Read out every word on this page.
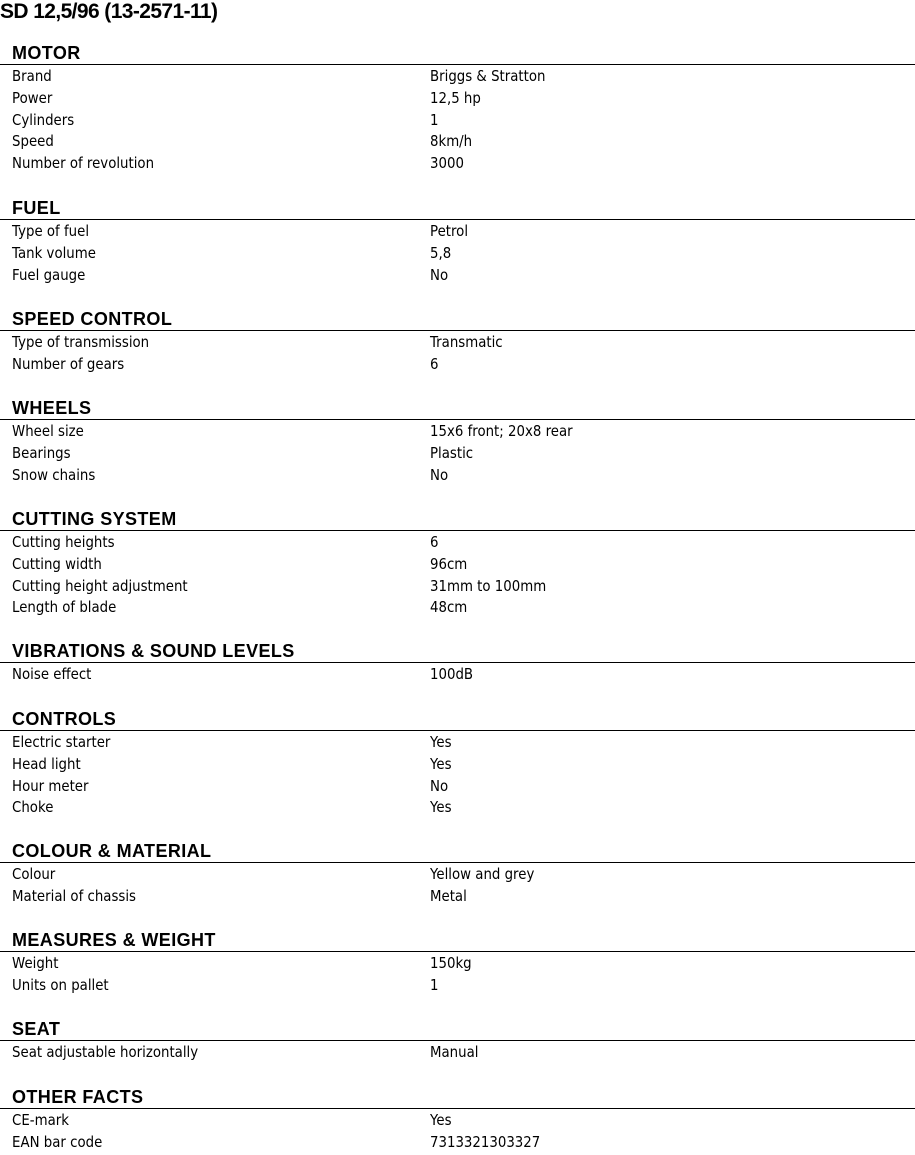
SD 12,5/96 (13-2571-11)
MOTOR
Brand	Briggs & Stratton
Power	12,5 hp
Cylinders	1
Speed	8km/h
Number of revolution	3000
FUEL
Type of fuel	Petrol
Tank volume	5,8
Fuel gauge	No
SPEED CONTROL
Type of transmission	Transmatic
Number of gears	6
WHEELS
Wheel size	15x6 front; 20x8 rear
Bearings	Plastic
Snow chains	No
CUTTING SYSTEM
Cutting heights	6
Cutting width	96cm
Cutting height adjustment	31mm to 100mm
Length of blade	48cm
VIBRATIONS & SOUND LEVELS
Noise effect	100dB
CONTROLS
Electric starter	Yes
Head light	Yes
Hour meter	No
Choke	Yes
COLOUR & MATERIAL
Colour	Yellow and grey
Material of chassis	Metal
MEASURES & WEIGHT
Weight	150kg
Units on pallet	1
SEAT
Seat adjustable horizontally	Manual
OTHER FACTS
CE-mark	Yes
EAN bar code	7313321303327
